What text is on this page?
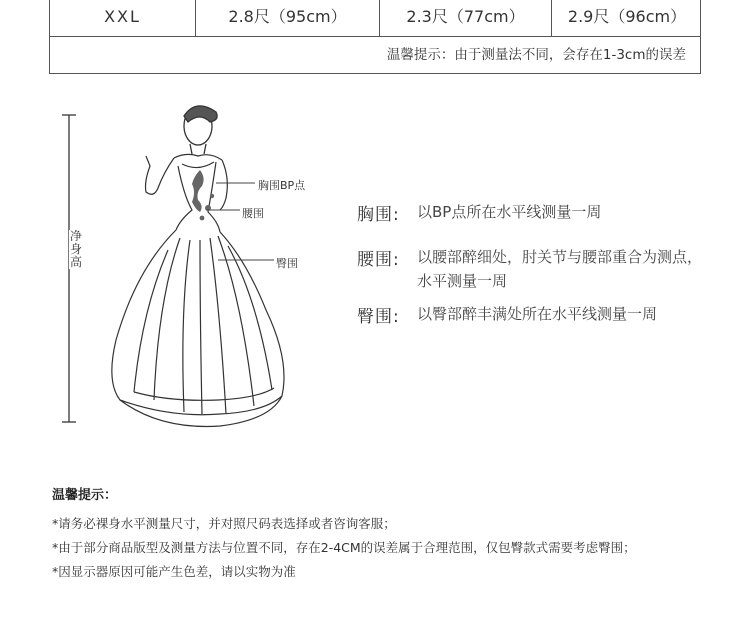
XXL	2.8尺（95cm）	2.3尺（77cm）	2.9尺（96cm）
温馨提示：由于测量法不同，会存在1-3cm的误差
胸围BP点
腰围
臀围
净身高
胸围: 以BP点所在水平线测量一周
腰围: 以腰部醉细处，肘关节与腰部重合为测点，水平测量一周
臀围: 以臀部醉丰满处所在水平线测量一周
温馨提示：
*请务必裸身水平测量尺寸，并对照尺码表选择或者咨询客服；
*由于部分商品版型及测量方法与位置不同，存在2-4CM的误差属于合理范围，仅包臀款式需要考虑臀围；
*因显示器原因可能产生色差，请以实物为准
